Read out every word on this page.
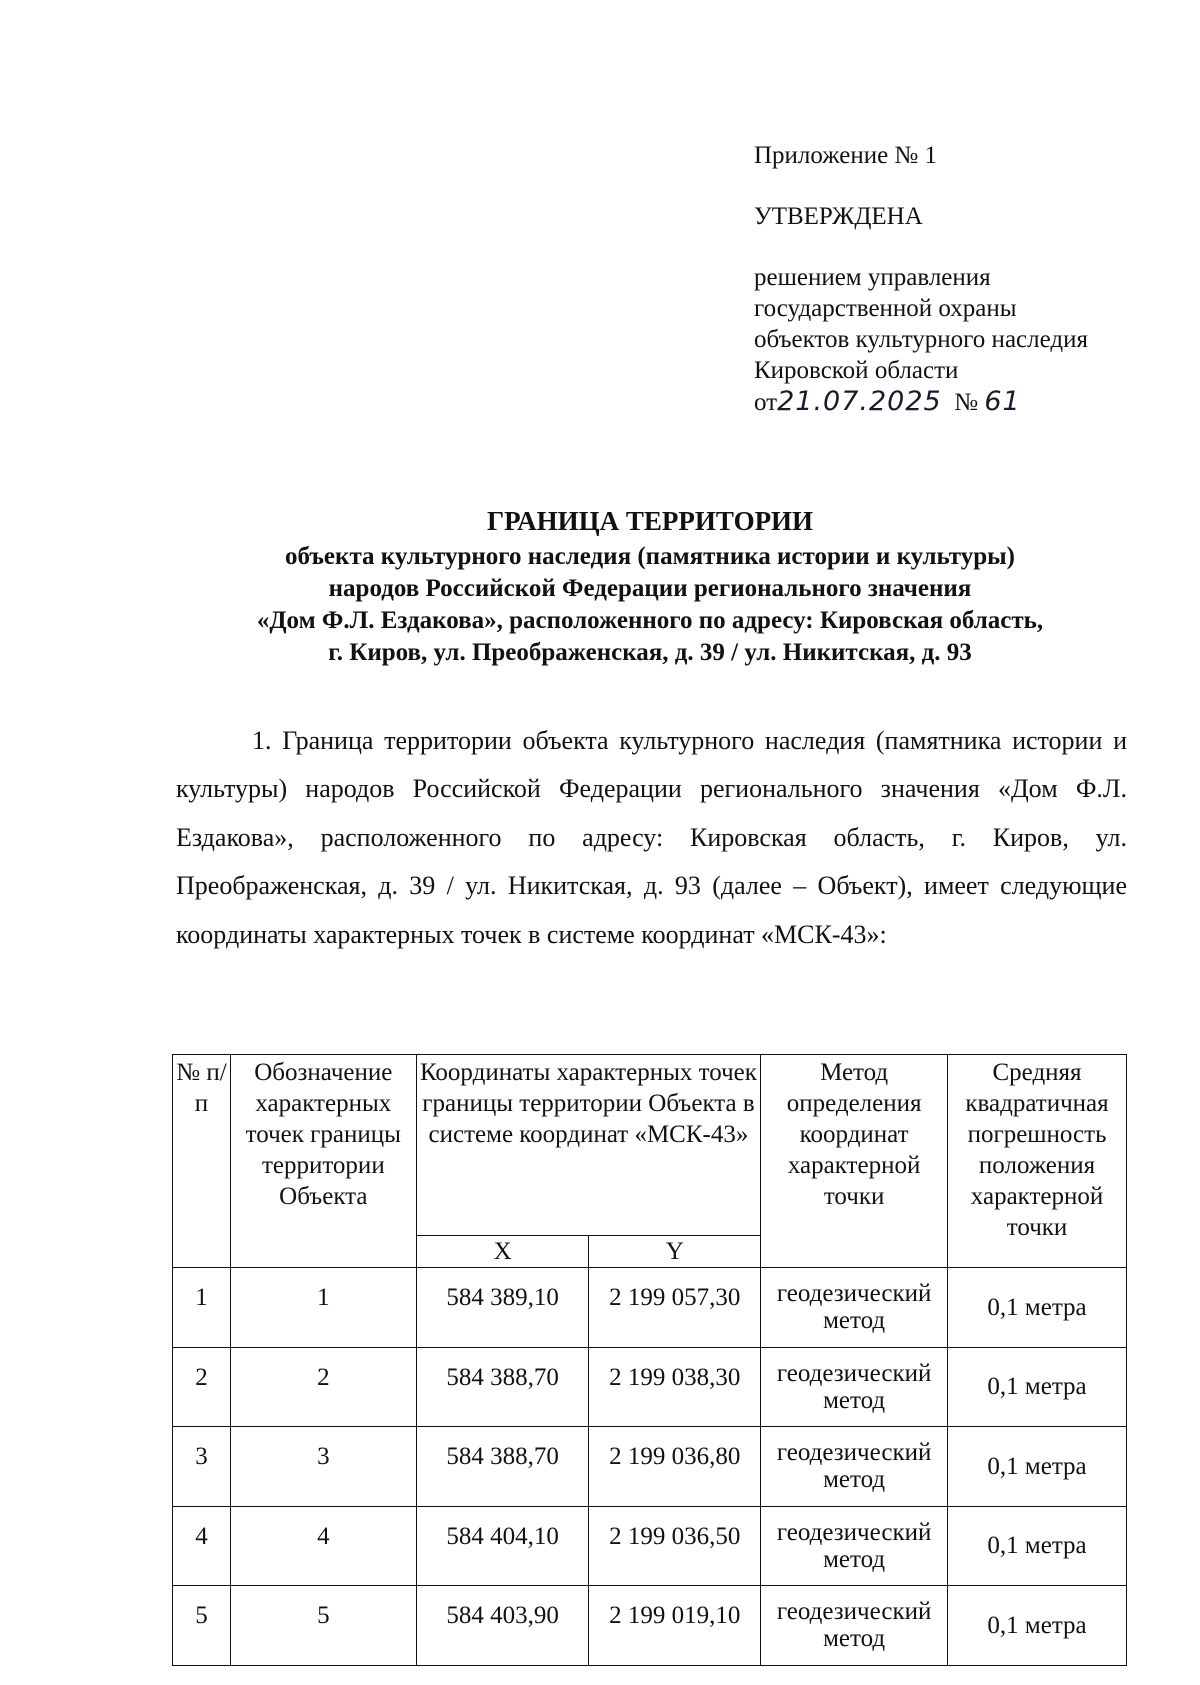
Приложение № 1
УТВЕРЖДЕНА
решением управления
государственной охраны
объектов культурного наследия
Кировской области
от21.07.2025 № 61
ГРАНИЦА ТЕРРИТОРИИ
объекта культурного наследия (памятника истории и культуры)
народов Российской Федерации регионального значения
«Дом Ф.Л. Ездакова», расположенного по адресу: Кировская область,
г. Киров, ул. Преображенская, д. 39 / ул. Никитская, д. 93
1. Граница территории объекта культурного наследия (памятника истории и культуры) народов Российской Федерации регионального значения «Дом Ф.Л. Ездакова», расположенного по адресу: Кировская область, г. Киров, ул. Преображенская, д. 39 / ул. Никитская, д. 93 (далее – Объект), имеет следующие координаты характерных точек в системе координат «МСК-43»:
№ п/п	Обозначение характерных точек границы территории Объекта	Координаты характерных точек границы территории Объекта в системе координат «МСК-43»		Метод определения координат характерной точки	Средняя квадратичная погрешность положения характерной точки
		X	Y		
1	1	584 389,10	2 199 057,30	геодезический метод	0,1 метра
2	2	584 388,70	2 199 038,30	геодезический метод	0,1 метра
3	3	584 388,70	2 199 036,80	геодезический метод	0,1 метра
4	4	584 404,10	2 199 036,50	геодезический метод	0,1 метра
5	5	584 403,90	2 199 019,10	геодезический метод	0,1 метра
